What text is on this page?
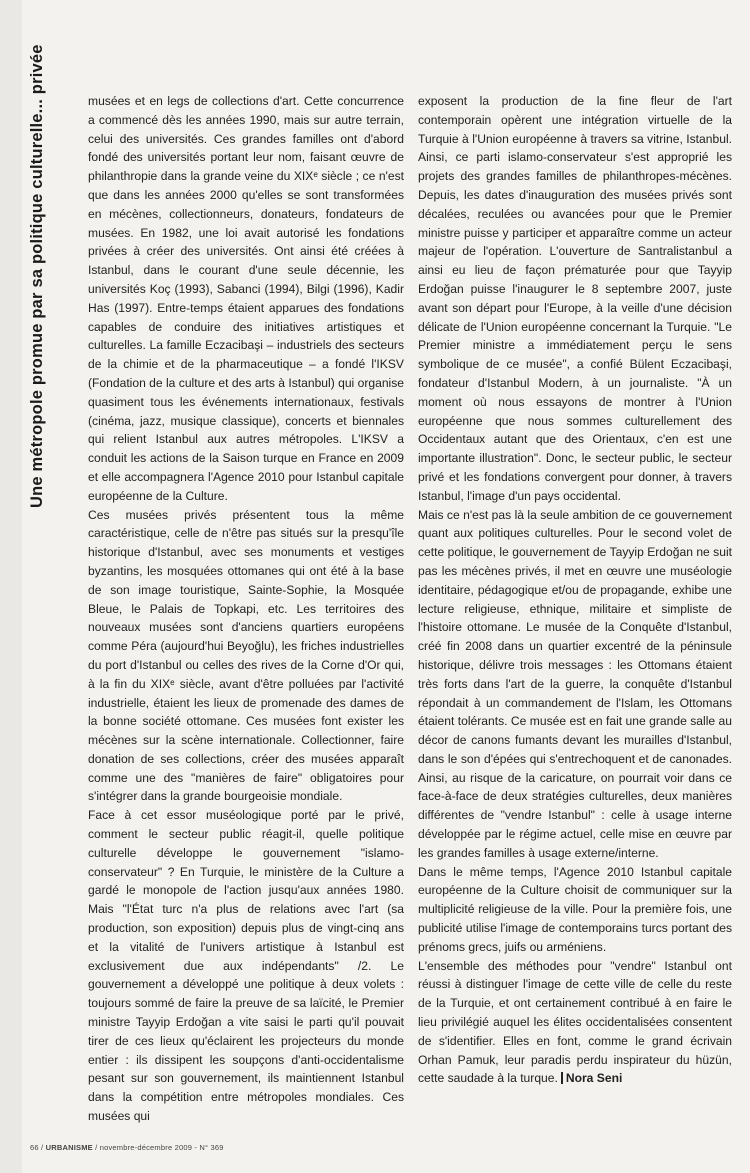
Une métropole promue par sa politique culturelle... privée	musées et en legs de collections d'art. Cette concurrence a commencé dès les années 1990, mais sur autre terrain, celui des universités. Ces grandes familles ont d'abord fondé des universités portant leur nom, faisant œuvre de philanthropie dans la grande veine du XIXᵉ siècle ; ce n'est que dans les années 2000 qu'elles se sont transformées en mécènes, collectionneurs, donateurs, fondateurs de musées. En 1982, une loi avait autorisé les fondations privées à créer des universités. Ont ainsi été créées à Istanbul, dans le courant d'une seule décennie, les universités Koç (1993), Sabanci (1994), Bilgi (1996), Kadir Has (1997). Entre-temps étaient apparues des fondations capables de conduire des initiatives artistiques et culturelles. La famille Eczacibaşi – industriels des secteurs de la chimie et de la pharmaceutique – a fondé l'IKSV (Fondation de la culture et des arts à Istanbul) qui organise quasiment tous les événements internationaux, festivals (cinéma, jazz, musique classique), concerts et biennales qui relient Istanbul aux autres métropoles. L'IKSV a conduit les actions de la Saison turque en France en 2009 et elle accompagnera l'Agence 2010 pour Istanbul capitale européenne de la Culture.

Ces musées privés présentent tous la même caractéristique, celle de n'être pas situés sur la presqu'île historique d'Istanbul, avec ses monuments et vestiges byzantins, les mosquées ottomanes qui ont été à la base de son image touristique, Sainte-Sophie, la Mosquée Bleue, le Palais de Topkapi, etc. Les territoires des nouveaux musées sont d'anciens quartiers européens comme Péra (aujourd'hui Beyoğlu), les friches industrielles du port d'Istanbul ou celles des rives de la Corne d'Or qui, à la fin du XIXᵉ siècle, avant d'être polluées par l'activité industrielle, étaient les lieux de promenade des dames de la bonne société ottomane. Ces musées font exister les mécènes sur la scène internationale. Collectionner, faire donation de ses collections, créer des musées apparaît comme une des "manières de faire" obligatoires pour s'intégrer dans la grande bourgeoisie mondiale.

Face à cet essor muséologique porté par le privé, comment le secteur public réagit-il, quelle politique culturelle développe le gouvernement "islamo-conservateur" ? En Turquie, le ministère de la Culture a gardé le monopole de l'action jusqu'aux années 1980. Mais "l'État turc n'a plus de relations avec l'art (sa production, son exposition) depuis plus de vingt-cinq ans et la vitalité de l'univers artistique à Istanbul est exclusivement due aux indépendants" /2. Le gouvernement a développé une politique à deux volets : toujours sommé de faire la preuve de sa laïcité, le Premier ministre Tayyip Erdoğan a vite saisi le parti qu'il pouvait tirer de ces lieux qu'éclairent les projecteurs du monde entier : ils dissipent les soupçons d'anti-occidentalisme pesant sur son gouvernement, ils maintiennent Istanbul dans la compétition entre métropoles mondiales. Ces musées qui

exposent la production de la fine fleur de l'art contemporain opèrent une intégration virtuelle de la Turquie à l'Union européenne à travers sa vitrine, Istanbul. Ainsi, ce parti islamo-conservateur s'est approprié les projets des grandes familles de philanthropes-mécènes. Depuis, les dates d'inauguration des musées privés sont décalées, reculées ou avancées pour que le Premier ministre puisse y participer et apparaître comme un acteur majeur de l'opération. L'ouverture de Santralistanbul a ainsi eu lieu de façon prématurée pour que Tayyip Erdoğan puisse l'inaugurer le 8 septembre 2007, juste avant son départ pour l'Europe, à la veille d'une décision délicate de l'Union européenne concernant la Turquie. "Le Premier ministre a immédiatement perçu le sens symbolique de ce musée", a confié Bülent Eczacibaşi, fondateur d'Istanbul Modern, à un journaliste. "À un moment où nous essayons de montrer à l'Union européenne que nous sommes culturellement des Occidentaux autant que des Orientaux, c'en est une importante illustration". Donc, le secteur public, le secteur privé et les fondations convergent pour donner, à travers Istanbul, l'image d'un pays occidental.

Mais ce n'est pas là la seule ambition de ce gouvernement quant aux politiques culturelles. Pour le second volet de cette politique, le gouvernement de Tayyip Erdoğan ne suit pas les mécènes privés, il met en œuvre une muséologie identitaire, pédagogique et/ou de propagande, exhibe une lecture religieuse, ethnique, militaire et simpliste de l'histoire ottomane. Le musée de la Conquête d'Istanbul, créé fin 2008 dans un quartier excentré de la péninsule historique, délivre trois messages : les Ottomans étaient très forts dans l'art de la guerre, la conquête d'Istanbul répondait à un commandement de l'Islam, les Ottomans étaient tolérants. Ce musée est en fait une grande salle au décor de canons fumants devant les murailles d'Istanbul, dans le son d'épées qui s'entrechoquent et de canonades. Ainsi, au risque de la caricature, on pourrait voir dans ce face-à-face de deux stratégies culturelles, deux manières différentes de "vendre Istanbul" : celle à usage interne développée par le régime actuel, celle mise en œuvre par les grandes familles à usage externe/interne.

Dans le même temps, l'Agence 2010 Istanbul capitale européenne de la Culture choisit de communiquer sur la multiplicité religieuse de la ville. Pour la première fois, une publicité utilise l'image de contemporains turcs portant des prénoms grecs, juifs ou arméniens.

L'ensemble des méthodes pour "vendre" Istanbul ont réussi à distinguer l'image de cette ville de celle du reste de la Turquie, et ont certainement contribué à en faire le lieu privilégié auquel les élites occidentalisées consentent de s'identifier. Elles en font, comme le grand écrivain Orhan Pamuk, leur paradis perdu inspirateur du hüzün, cette saudade à la turque. Nora Seni

66 / URBANISME / novembre-décembre 2009 - N° 369
